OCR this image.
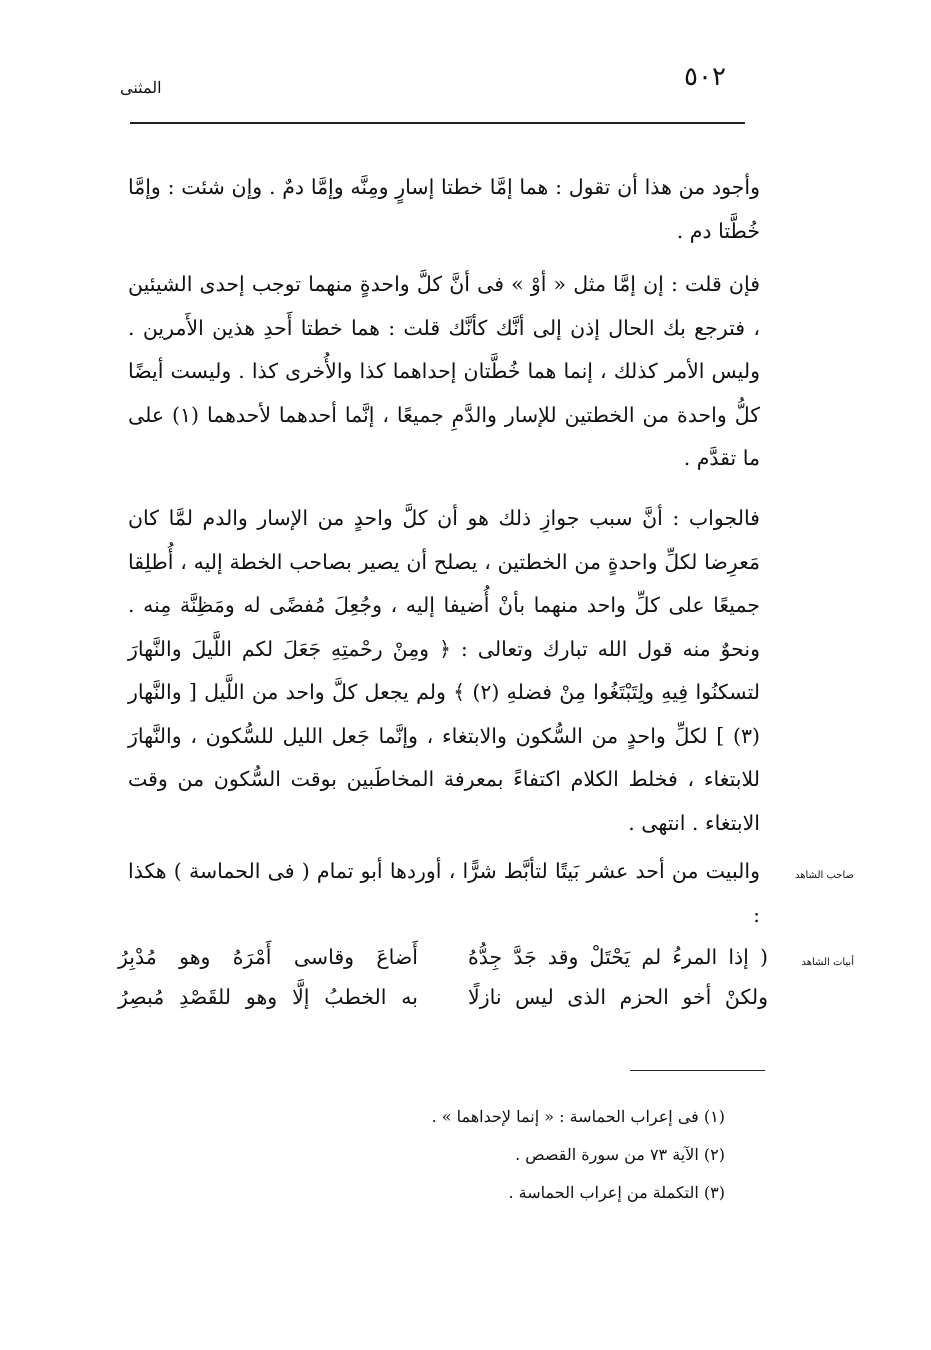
٥٠٢
المثنى

وأجود من هذا أن تقول : هما إمَّا خطتا إسارٍ ومِنَّه وإمَّا دمٌ . وإن شئت : وإمَّا خُطَّتا دم .

فإن قلت : إن إمَّا مثل « أوْ » فى أنَّ كلَّ واحدةٍ منهما توجب إحدى الشيئين ، فترجع بك الحال إذن إلى أنَّك كأنَّك قلت : هما خطتا أَحدِ هذين الأَمرين . وليس الأمر كذلك ، إنما هما خُطَّتان إحداهما كذا والأُخرى كذا . وليست أيضًا كلُّ واحدة من الخطتين للإسار والدَّمِ جميعًا ، إنَّما أحدهما لأحدهما (١) على ما تقدَّم .

فالجواب : أنَّ سبب جوازِ ذلك هو أن كلَّ واحدٍ من الإسار والدم لمَّا كان مَعرِضا لكلِّ واحدةٍ من الخطتين ، يصلح أن يصير بصاحب الخطة إليه ، أُطلِقا جميعًا على كلِّ واحد منهما بأنْ أُضيفا إليه ، وجُعِلَ مُفضًى له ومَظِنَّة مِنه . ونحوٌ منه قول الله تبارك وتعالى : ﴿ ومِنْ رحْمتِهِ جَعَلَ لكم اللَّيلَ والنَّهارَ لتسكنُوا فِيهِ ولِتَبْتَغُوا مِنْ فضلهِ (٢) ﴾ ولم يجعل كلَّ واحد من اللَّيل [ والنَّهار (٣) ] لكلِّ واحدٍ من السُّكون والابتغاء ، وإنَّما جَعل الليل للسُّكون ، والنَّهارَ للابتغاء ، فخلط الكلام اكتفاءً بمعرفة المخاطَبين بوقت السُّكون من وقت الابتغاء . انتهى .

والبيت من أحد عشر بَيتًا لتأبَّط شرًّا ، أوردها أبو تمام ( فى الحماسة ) هكذا :

صاحب الشاهد
أبيات الشاهد
( إذا المرءُ لم يَحْتَلْ وقد جَدَّ جِدُّهُ
أَضاعَ وقاسى أَمْرَهُ وهو مُدْبِرُ
ولكنْ أخو الحزم الذى ليس نازلًا
به الخطبُ إلَّا وهو للقَصْدِ مُبصِرُ
(١) فى إعراب الحماسة : « إنما لإحداهما » .
(٢) الآية ٧٣ من سورة القصص .
(٣) التكملة من إعراب الحماسة .
